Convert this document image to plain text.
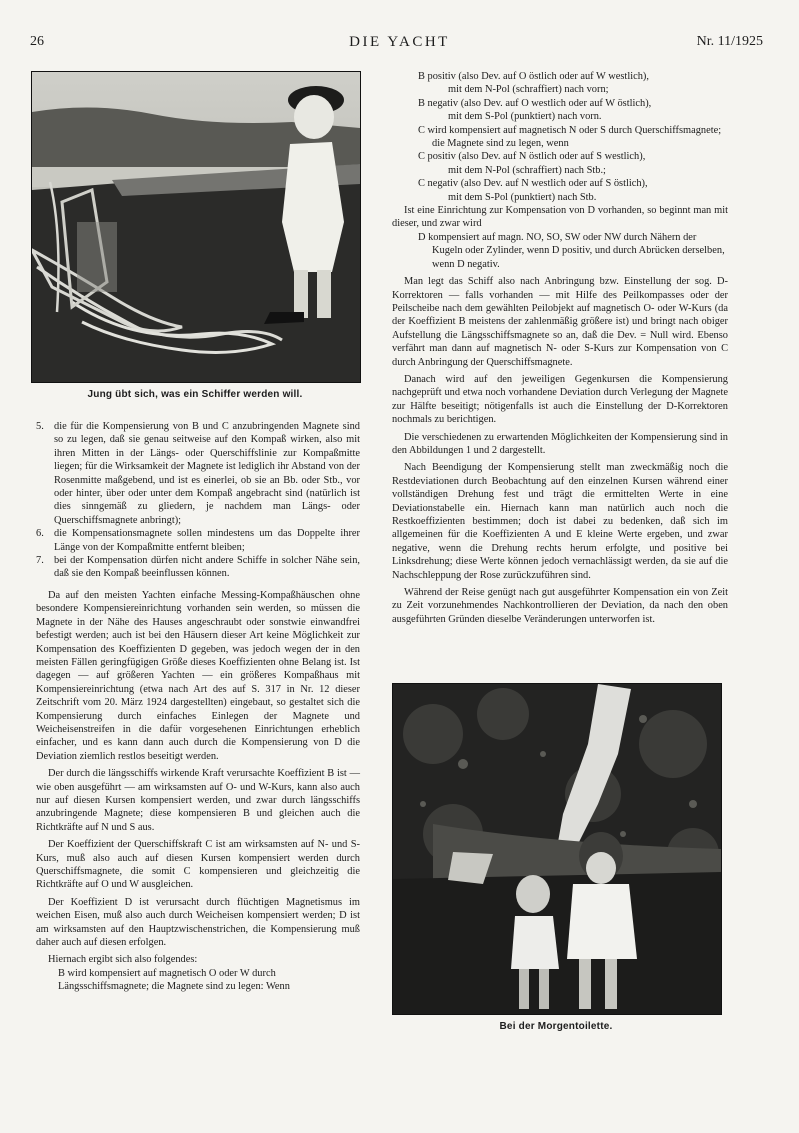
26	DIE YACHT	Nr. 11/1925
Jung übt sich, was ein Schiffer werden will.
5. die für die Kompensierung von B und C anzubringenden Magnete sind so zu legen, daß sie genau seitweise auf den Kompaß wirken, also mit ihren Mitten in der Längs- oder Querschiffslinie zur Kompaßmitte liegen; für die Wirksamkeit der Magnete ist lediglich ihr Abstand von der Rosenmitte maßgebend, und ist es einerlei, ob sie an Bb. oder Stb., vor oder hinter, über oder unter dem Kompaß angebracht sind (natürlich ist dies sinngemäß zu gliedern, je nachdem man Längs- oder Querschiffsmagnete anbringt);
6. die Kompensationsmagnete sollen mindestens um das Doppelte ihrer Länge von der Kompaßmitte entfernt bleiben;
7. bei der Kompensation dürfen nicht andere Schiffe in solcher Nähe sein, daß sie den Kompaß beeinflussen können.

Da auf den meisten Yachten einfache Messing-Kompaßhäuschen ohne besondere Kompensiereinrichtung vorhanden sein werden, so müssen die Magnete in der Nähe des Hauses angeschraubt oder sonstwie einwandfrei befestigt werden; auch ist bei den Häusern dieser Art keine Möglichkeit zur Kompensation des Koeffizienten D gegeben, was jedoch wegen der in den meisten Fällen geringfügigen Größe dieses Koeffizienten ohne Belang ist. Ist dagegen — auf größeren Yachten — ein größeres Kompaßhaus mit Kompensiereinrichtung (etwa nach Art des auf S. 317 in Nr. 12 dieser Zeitschrift vom 20. März 1924 dargestellten) eingebaut, so gestaltet sich die Kompensierung durch einfaches Einlegen der Magnete und Weicheisenstreifen in die dafür vorgesehenen Einrichtungen erheblich einfacher, und es kann dann auch durch die Kompensierung von D die Deviation ziemlich restlos beseitigt werden.

Der durch die längsschiffs wirkende Kraft verursachte Koeffizient B ist — wie oben ausgeführt — am wirksamsten auf O- und W-Kurs, kann also auch nur auf diesen Kursen kompensiert werden, und zwar durch längsschiffs anzubringende Magnete; diese kompensieren B und gleichen auch die Richtkräfte auf N und S aus.

Der Koeffizient der Querschiffskraft C ist am wirksamsten auf N- und S-Kurs, muß also auch auf diesen Kursen kompensiert werden durch Querschiffsmagnete, die somit C kompensieren und gleichzeitig die Richtkräfte auf O und W ausgleichen.

Der Koeffizient D ist verursacht durch flüchtigen Magnetismus im weichen Eisen, muß also auch durch Weicheisen kompensiert werden; D ist am wirksamsten auf den Hauptzwischenstrichen, die Kompensierung muß daher auch auf diesen erfolgen.

Hiernach ergibt sich also folgendes:

B wird kompensiert auf magnetisch O oder W durch Längsschiffsmagnete; die Magnete sind zu legen: Wenn
B positiv (also Dev. auf O östlich oder auf W westlich),
mit dem N-Pol (schraffiert) nach vorn;
B negativ (also Dev. auf O westlich oder auf W östlich),
mit dem S-Pol (punktiert) nach vorn.
C wird kompensiert auf magnetisch N oder S durch Querschiffsmagnete; die Magnete sind zu legen, wenn
C positiv (also Dev. auf N östlich oder auf S westlich),
mit dem N-Pol (schraffiert) nach Stb.;
C negativ (also Dev. auf N westlich oder auf S östlich),
mit dem S-Pol (punktiert) nach Stb.

Ist eine Einrichtung zur Kompensation von D vorhanden, so beginnt man mit dieser, und zwar wird

D kompensiert auf magn. NO, SO, SW oder NW durch Nähern der Kugeln oder Zylinder, wenn D positiv, und durch Abrücken derselben, wenn D negativ.

Man legt das Schiff also nach Anbringung bzw. Einstellung der sog. D-Korrektoren — falls vorhanden — mit Hilfe des Peilkompasses oder der Peilscheibe nach dem gewählten Peilobjekt auf magnetisch O- oder W-Kurs (da der Koeffizient B meistens der zahlenmäßig größere ist) und bringt nach obiger Aufstellung die Längsschiffsmagnete so an, daß die Dev. = Null wird. Ebenso verfährt man dann auf magnetisch N- oder S-Kurs zur Kompensation von C durch Anbringung der Querschiffsmagnete.

Danach wird auf den jeweiligen Gegenkursen die Kompensierung nachgeprüft und etwa noch vorhandene Deviation durch Verlegung der Magnete zur Hälfte beseitigt; nötigenfalls ist auch die Einstellung der D-Korrektoren nochmals zu berichtigen.

Die verschiedenen zu erwartenden Möglichkeiten der Kompensierung sind in den Abbildungen 1 und 2 dargestellt.

Nach Beendigung der Kompensierung stellt man zweckmäßig noch die Restdeviationen durch Beobachtung auf den einzelnen Kursen während einer vollständigen Drehung fest und trägt die ermittelten Werte in eine Deviationstabelle ein. Hiernach kann man natürlich auch noch die Restkoeffizienten bestimmen; doch ist dabei zu bedenken, daß sich im allgemeinen für die Koeffizienten A und E kleine Werte ergeben, und zwar negative, wenn die Drehung rechts herum erfolgte, und positive bei Linksdrehung; diese Werte können jedoch vernachlässigt werden, da sie auf die Nachschleppung der Rose zurückzuführen sind.

Während der Reise genügt nach gut ausgeführter Kompensation ein von Zeit zu Zeit vorzunehmendes Nachkontrollieren der Deviation, da nach den oben ausgeführten Gründen dieselbe Veränderungen unterworfen ist.

Bei der Morgentoilette.
